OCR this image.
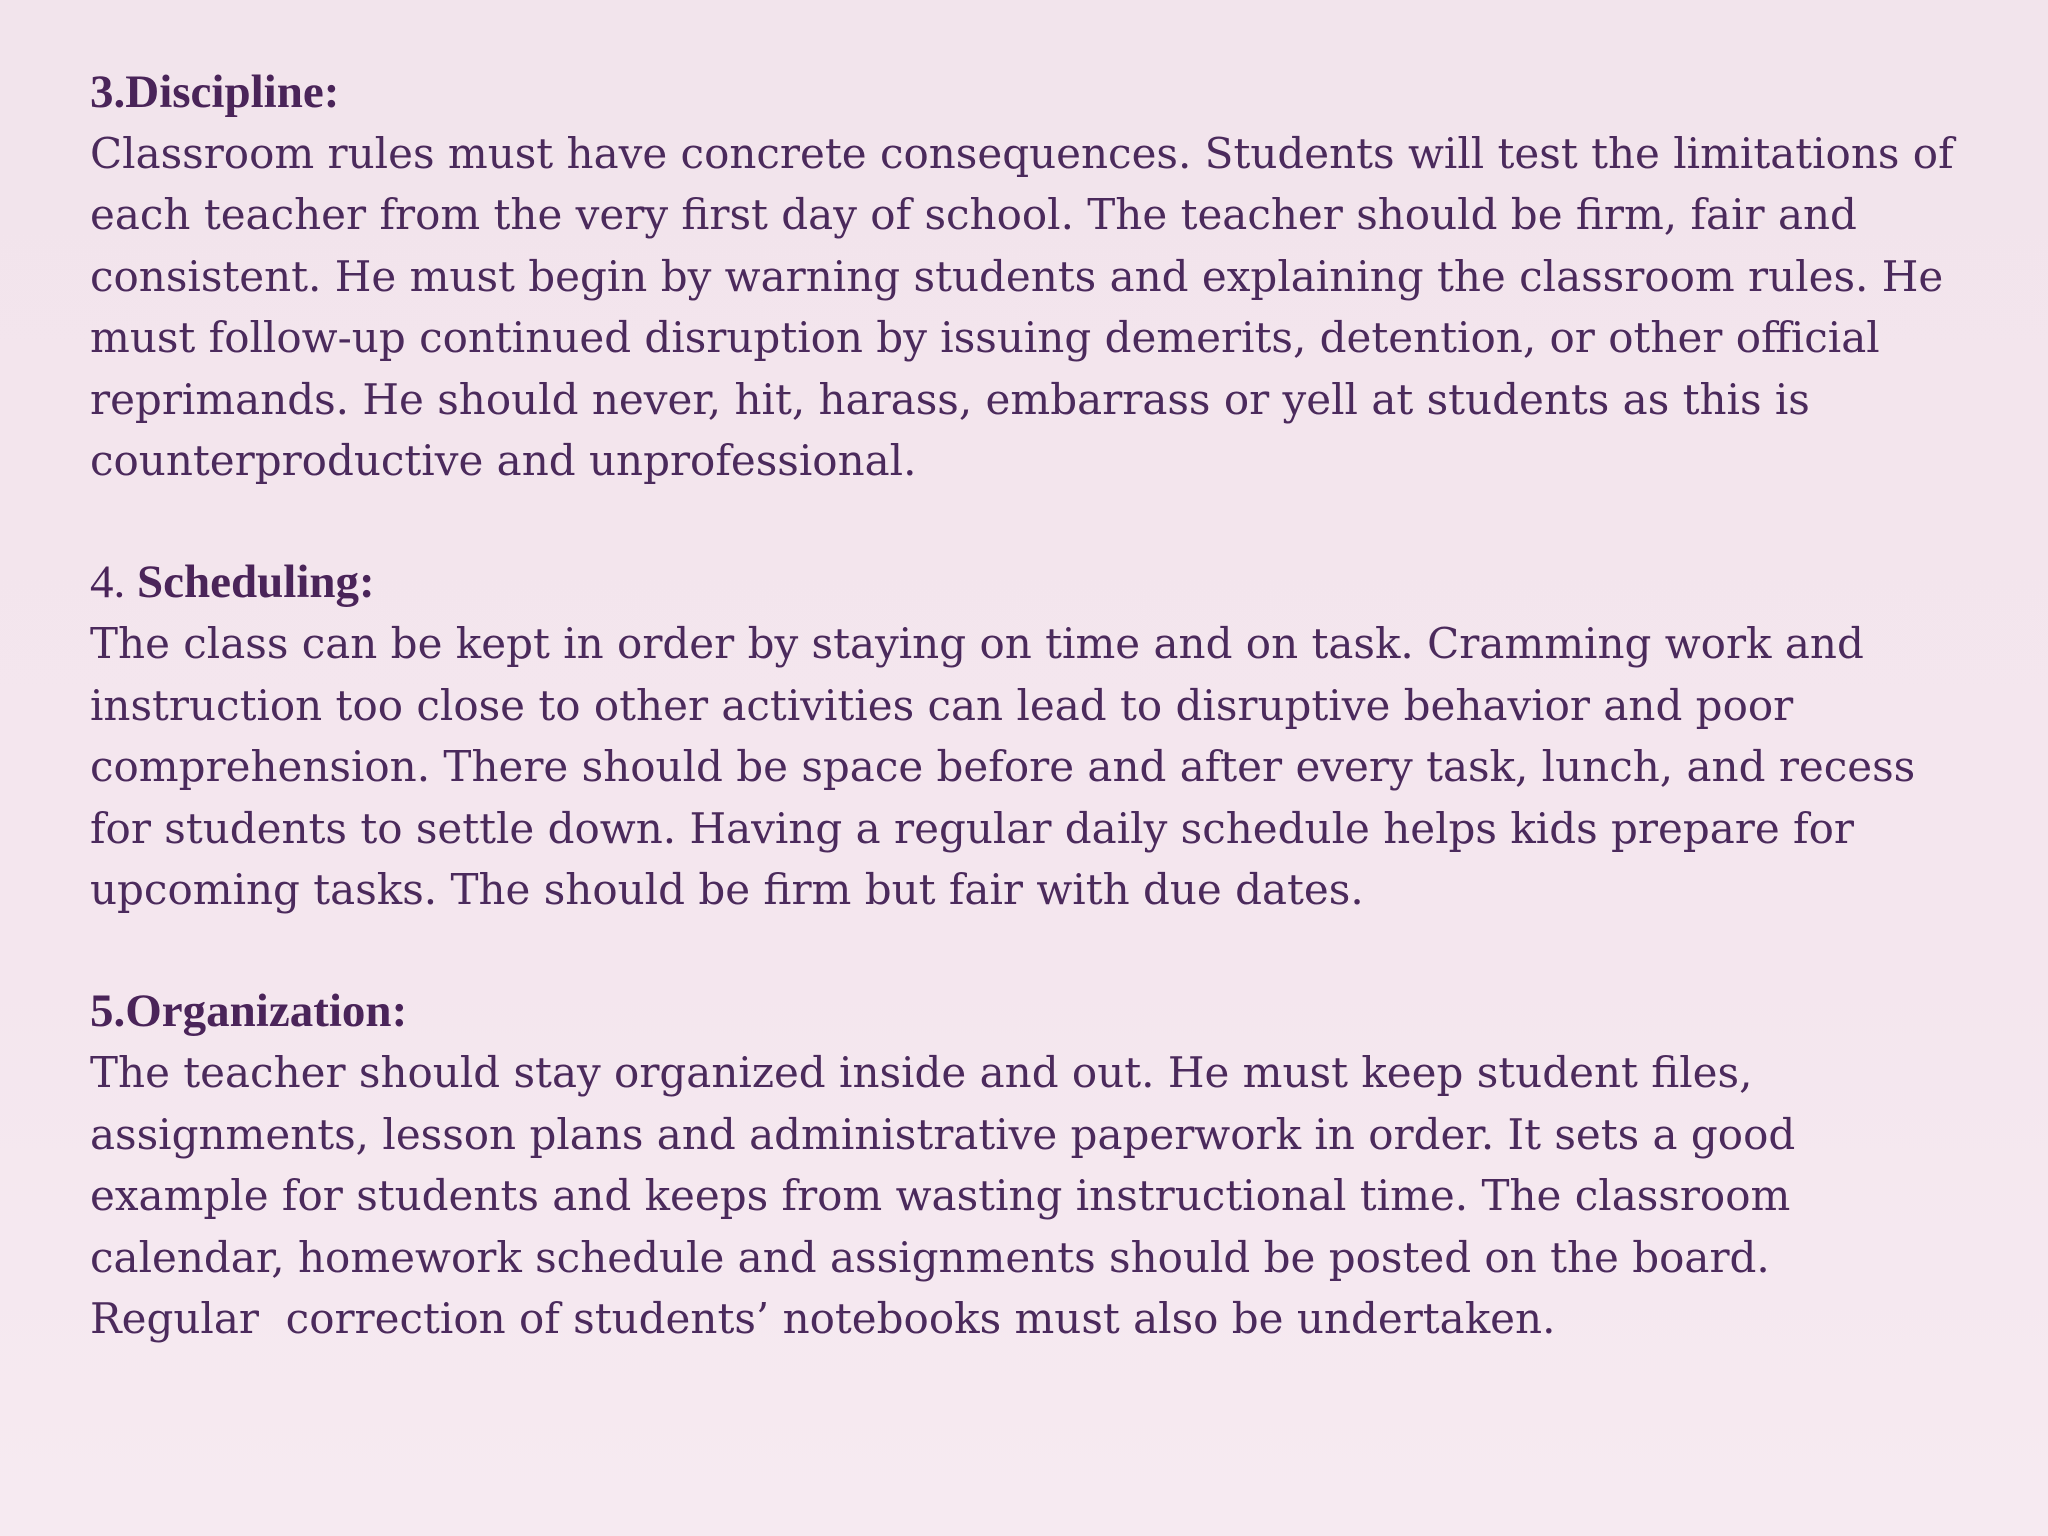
3.Discipline:
Classroom rules must have concrete consequences. Students will test the limitations of
each teacher from the very first day of school. The teacher should be firm, fair and
consistent. He must begin by warning students and explaining the classroom rules. He
must follow-up continued disruption by issuing demerits, detention, or other official
reprimands. He should never, hit, harass, embarrass or yell at students as this is
counterproductive and unprofessional.
4. Scheduling:
The class can be kept in order by staying on time and on task. Cramming work and
instruction too close to other activities can lead to disruptive behavior and poor
comprehension. There should be space before and after every task, lunch, and recess
for students to settle down. Having a regular daily schedule helps kids prepare for
upcoming tasks. The should be firm but fair with due dates.
5.Organization:
The teacher should stay organized inside and out. He must keep student files,
assignments, lesson plans and administrative paperwork in order. It sets a good
example for students and keeps from wasting instructional time. The classroom
calendar, homework schedule and assignments should be posted on the board.
Regular  correction of students’ notebooks must also be undertaken.
